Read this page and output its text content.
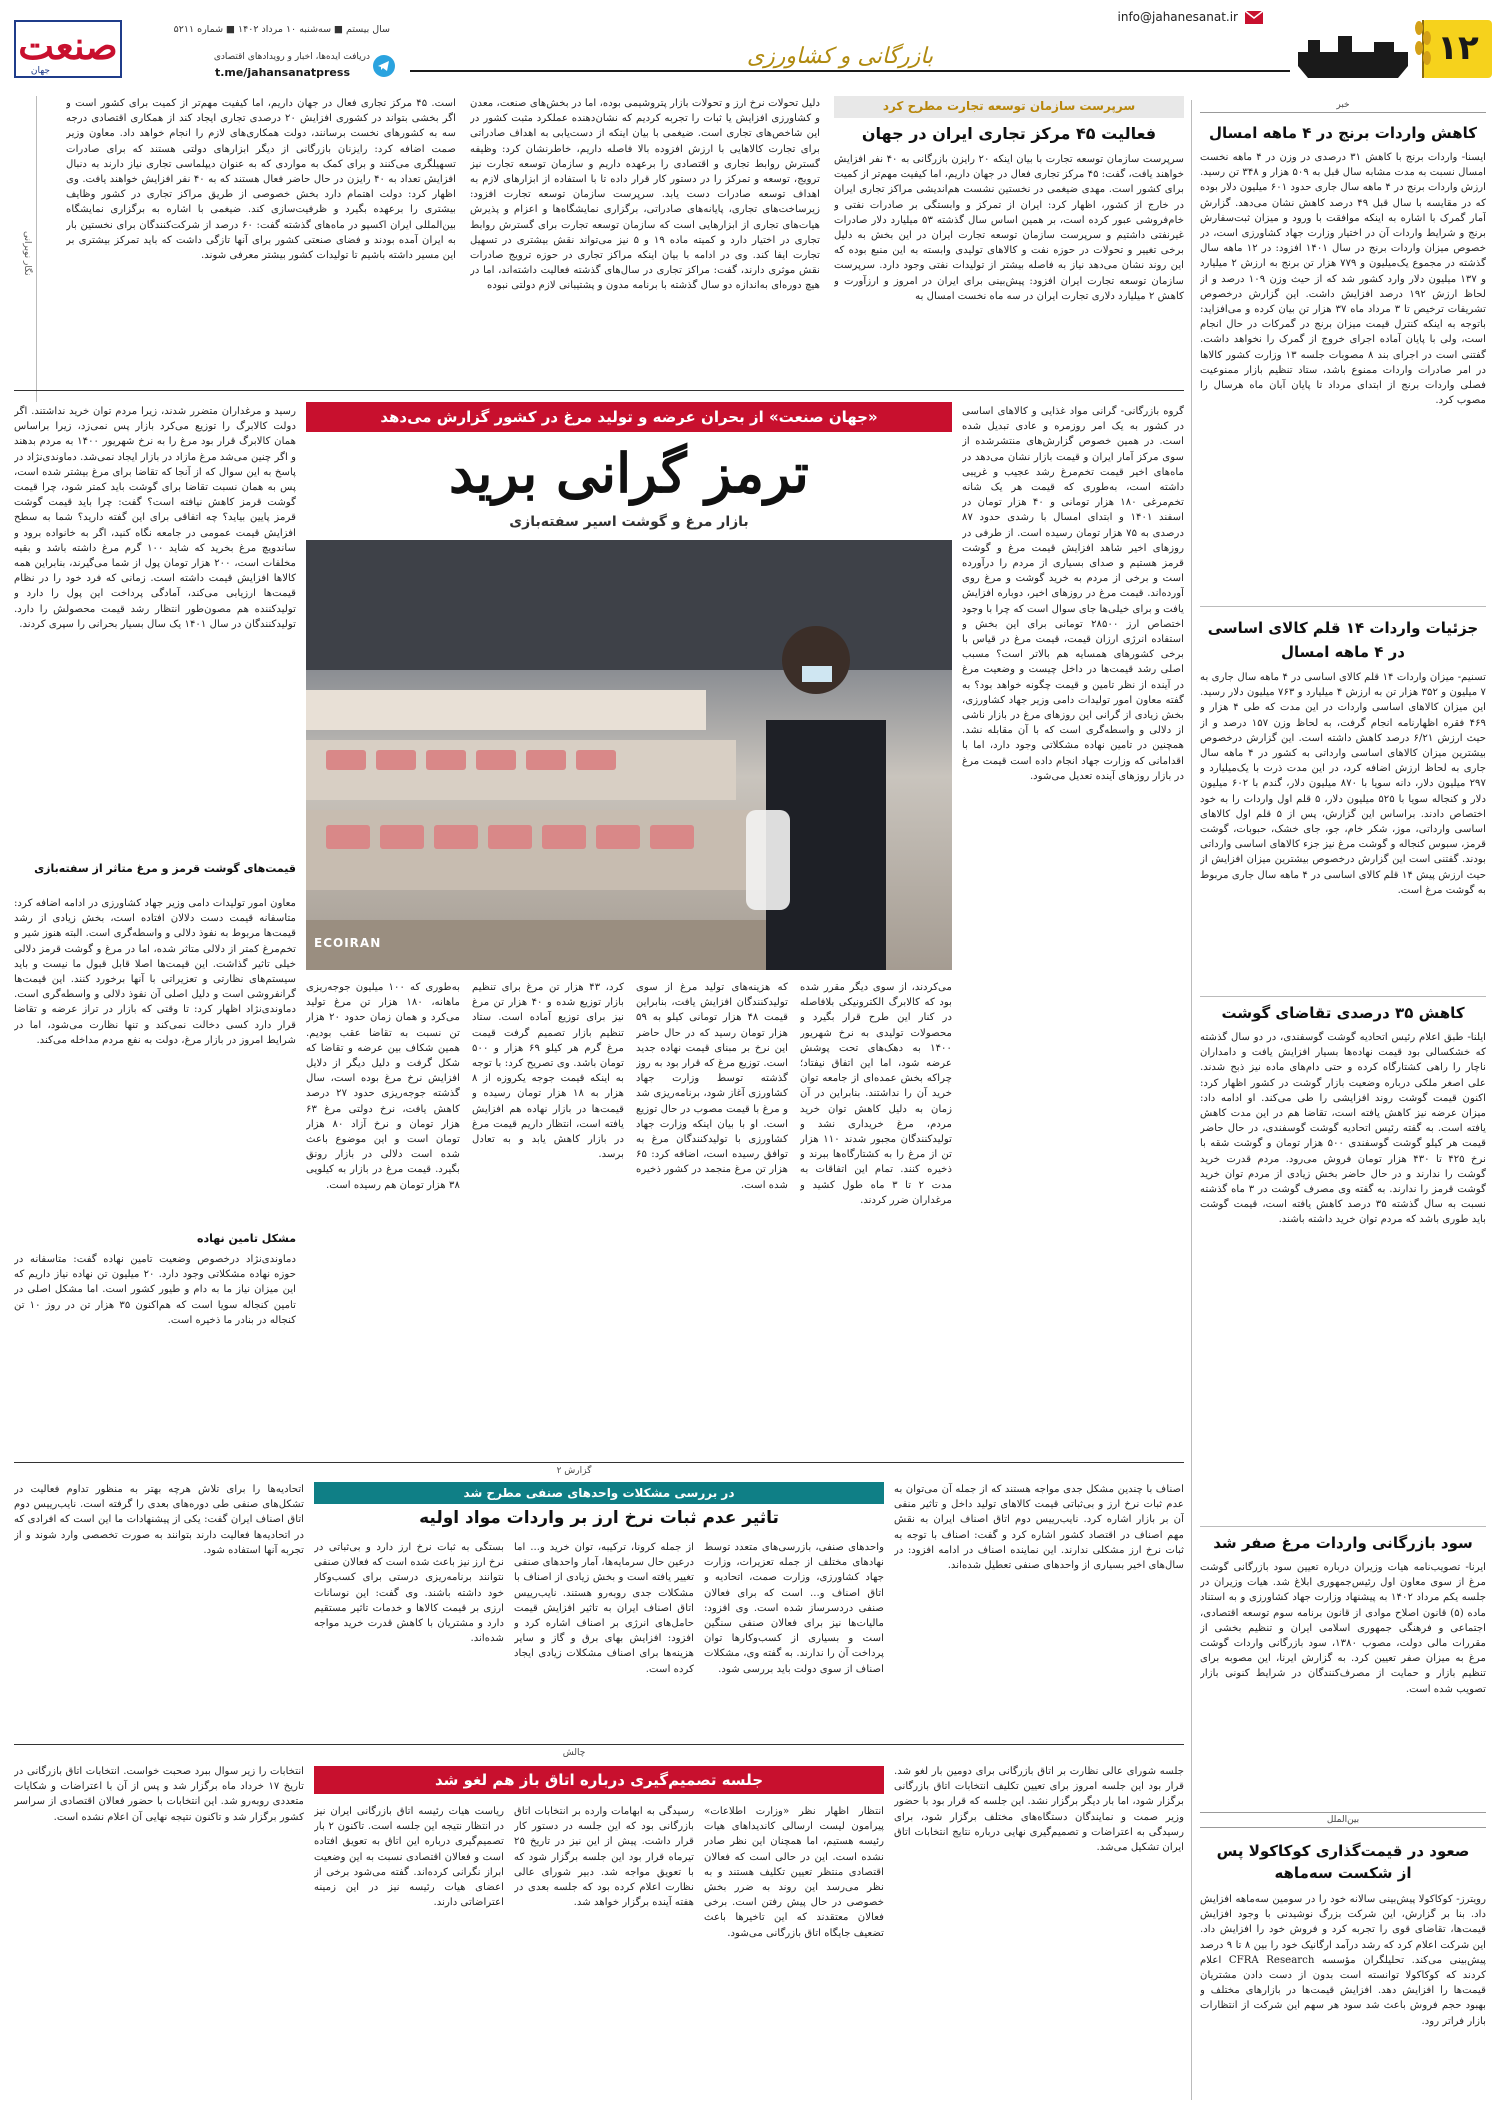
۱۲
بازرگانی و کشاورزی
info@jahanesanat.ir
صنعت
جهان
سال بیستم ■ سه‌شنبه ۱۰ مرداد ۱۴۰۲ ■ شماره ۵۲۱۱
دریافت ایده‌ها، اخبار و رویدادهای اقتصادی
t.me/jahansanatpress
خبر
کاهش واردات برنج در ۴ ماهه امسال
ایسنا- واردات برنج با کاهش ۳۱ درصدی در وزن در ۴ ماهه نخست امسال نسبت به مدت مشابه سال قبل به ۵۰۹ هزار و ۳۴۸ تن رسید. ارزش واردات برنج در ۴ ماهه سال جاری حدود ۶۰۱ میلیون دلار بوده که در مقایسه با سال قبل ۴۹ درصد کاهش نشان می‌دهد. گزارش آمار گمرک با اشاره به اینکه موافقت با ورود و میزان ثبت‌سفارش برنج و شرایط واردات آن در اختیار وزارت جهاد کشاورزی است، در خصوص میزان واردات برنج در سال ۱۴۰۱ افزود: در ۱۲ ماهه سال گذشته در مجموع یک‌میلیون و ۷۷۹ هزار تن برنج به ارزش ۲ میلیارد و ۱۳۷ میلیون دلار وارد کشور شد که از حیث وزن ۱۰۹ درصد و از لحاظ ارزش ۱۹۲ درصد افزایش داشت. این گزارش درخصوص تشریفات ترخیص تا ۳ مرداد ماه ۳۷ هزار تن بیان کرده و می‌افزاید: باتوجه به اینکه کنترل قیمت میزان برنج در گمرکات در حال انجام است، ولی با پایان آماده اجرای خروج از گمرک را نخواهد داشت. گفتنی است در اجرای بند ۸ مصوبات جلسه ۱۳ وزارت کشور کالاها در امر صادرات واردات ممنوع باشد، ستاد تنظیم بازار ممنوعیت فصلی واردات برنج از ابتدای مرداد تا پایان آبان ماه هرسال را مصوب کرد.
جزئیات واردات ۱۴ قلم کالای اساسی در ۴ ماهه امسال
تسنیم- میزان واردات ۱۴ قلم کالای اساسی در ۴ ماهه سال جاری به ۷ میلیون و ۳۵۲ هزار تن به ارزش ۴ میلیارد و ۷۶۳ میلیون دلار رسید. این میزان کالاهای اساسی واردات در این مدت که طی ۴ هزار و ۴۶۹ فقره اظهارنامه انجام گرفت، به لحاظ وزن ۱۵۷ درصد و از حیث ارزش ۶/۲۱ درصد کاهش داشته است. این گزارش درخصوص بیشترین میزان کالاهای اساسی وارداتی به کشور در ۴ ماهه سال جاری به لحاظ ارزش اضافه کرد، در این مدت ذرت با یک‌میلیارد و ۲۹۷ میلیون دلار، دانه سویا با ۸۷۰ میلیون دلار، گندم با ۶۰۲ میلیون دلار و کنجاله سویا با ۵۲۵ میلیون دلار، ۵ قلم اول واردات را به خود اختصاص دادند. براساس این گزارش، پس از ۵ قلم اول کالاهای اساسی وارداتی، موز، شکر خام، جو، جای خشک، حبوبات، گوشت قرمز، سبوس کنجاله و گوشت مرغ نیز جزء کالاهای اساسی وارداتی بودند. گفتنی است این گزارش درخصوص بیشترین میزان افزایش از حیث ارزش پیش ۱۴ قلم کالای اساسی در ۴ ماهه سال جاری مربوط به گوشت مرغ است.
کاهش ۳۵ درصدی تقاضای گوشت
ایلنا- طبق اعلام رئیس اتحادیه گوشت گوسفندی، در دو سال گذشته که خشکسالی بود قیمت نهاده‌ها بسیار افزایش یافت و دامداران ناچار را راهی کشتارگاه کرده و حتی دام‌های ماده نیز ذبح شدند. علی اصغر ملکی درباره وضعیت بازار گوشت در کشور اظهار کرد: اکنون قیمت گوشت روند افزایشی را طی می‌کند. او ادامه داد: میزان عرضه نیز کاهش یافته است، تقاضا هم در این مدت کاهش یافته است. به گفته رئیس اتحادیه گوشت گوسفندی، در حال حاضر قیمت هر کیلو گوشت گوسفندی ۵۰۰ هزار تومان و گوشت شقه با نرخ ۴۲۵ تا ۴۳۰ هزار تومان فروش می‌رود. مردم قدرت خرید گوشت را ندارند و در حال حاضر بخش زیادی از مردم توان خرید گوشت قرمز را ندارند. به گفته وی مصرف گوشت در ۳ ماه گذشته نسبت به سال گذشته ۳۵ درصد کاهش یافته است، قیمت گوشت باید طوری باشد که مردم توان خرید داشته باشند.
سود بازرگانی واردات مرغ صفر شد
ایرنا- تصویب‌نامه هیات وزیران درباره تعیین سود بازرگانی گوشت مرغ از سوی معاون اول رئیس‌جمهوری ابلاغ شد. هیات وزیران در جلسه یکم مرداد ۱۴۰۲ به پیشنهاد وزارت جهاد کشاورزی و به استناد ماده (۵) قانون اصلاح موادی از قانون برنامه سوم توسعه اقتصادی، اجتماعی و فرهنگی جمهوری اسلامی ایران و تنظیم بخشی از مقررات مالی دولت، مصوب ۱۳۸۰، سود بازرگانی واردات گوشت مرغ به میزان صفر تعیین کرد. به گزارش ایرنا، این مصوبه برای تنظیم بازار و حمایت از مصرف‌کنندگان در شرایط کنونی بازار تصویب شده است.
بین‌الملل
صعود در قیمت‌گذاری کوکاکولا پس از شکست سه‌ماهه
رویترز- کوکاکولا پیش‌بینی سالانه خود را در سومین سه‌ماهه افزایش داد. بنا بر گزارش، این شرکت بزرگ نوشیدنی با وجود افزایش قیمت‌ها، تقاضای قوی را تجربه کرد و فروش خود را افزایش داد. این شرکت اعلام کرد که رشد درآمد ارگانیک خود را بین ۸ تا ۹ درصد پیش‌بینی می‌کند. تحلیلگران مؤسسه CFRA Research اعلام کردند که کوکاکولا توانسته است بدون از دست دادن مشتریان قیمت‌ها را افزایش دهد. افزایش قیمت‌ها در بازارهای مختلف و بهبود حجم فروش باعث شد سود هر سهم این شرکت از انتظارات بازار فراتر رود.
سرپرست سازمان توسعه تجارت مطرح کرد
فعالیت ۴۵ مرکز تجاری ایران در جهان
سرپرست سازمان توسعه تجارت با بیان اینکه ۲۰ رایزن بازرگانی به ۴۰ نفر افزایش خواهند یافت، گفت: ۴۵ مرکز تجاری فعال در جهان داریم، اما کیفیت مهم‌تر از کمیت برای کشور است. مهدی ضیغمی در نخستین نشست هم‌اندیشی مراکز تجاری ایران در خارج از کشور، اظهار کرد: ایران از تمرکز و وابستگی بر صادرات نفتی و خام‌فروشی عبور کرده است، بر همین اساس سال گذشته ۵۳ میلیارد دلار صادرات غیرنفتی داشتیم و سرپرست سازمان توسعه تجارت ایران در این بخش به دلیل برخی تغییر و تحولات در حوزه نفت و کالاهای تولیدی وابسته به این منبع بوده که این روند نشان می‌دهد نیاز به فاصله بیشتر از تولیدات نفتی وجود دارد. سرپرست سازمان توسعه تجارت ایران افزود: پیش‌بینی برای ایران در امروز و ارزآورت و کاهش ۲ میلیارد دلاری تجارت ایران در سه ماه نخست امسال به
دلیل تحولات نرخ ارز و تحولات بازار پتروشیمی بوده، اما در بخش‌های صنعت، معدن و کشاورزی افزایش یا ثبات را تجربه کردیم که نشان‌دهنده عملکرد مثبت کشور در این شاخص‌های تجاری است. ضیغمی با بیان اینکه از دست‌یابی به اهداف صادراتی برای تجارت کالاهایی با ارزش افزوده بالا فاصله داریم، خاطرنشان کرد: وظیفه گسترش روابط تجاری و اقتصادی را برعهده داریم و سازمان توسعه تجارت نیز ترویج، توسعه و تمرکز را در دستور کار قرار داده تا با استفاده از ابزارهای لازم به اهداف توسعه صادرات دست یابد. سرپرست سازمان توسعه تجارت افزود: زیرساخت‌های تجاری، پایانه‌های صادراتی، برگزاری نمایشگاه‌ها و اعزام و پذیرش هیات‌های تجاری از ابزارهایی است که سازمان توسعه تجارت برای گسترش روابط تجاری در اختیار دارد و کمیته ماده ۱۹ و ۵ نیز می‌تواند نقش بیشتری در تسهیل تجارت ایفا کند. وی در ادامه با بیان اینکه مراکز تجاری در حوزه ترویج صادرات نقش موثری دارند، گفت: مراکز تجاری در سال‌های گذشته فعالیت داشته‌اند، اما در هیچ دوره‌ای به‌اندازه دو سال گذشته با برنامه مدون و پشتیبانی لازم دولتی نبوده
است. ۴۵ مرکز تجاری فعال در جهان داریم، اما کیفیت مهم‌تر از کمیت برای کشور است و اگر بخشی بتواند در کشوری افزایش ۲۰ درصدی تجاری ایجاد کند از همکاری اقتصادی درجه سه به کشورهای نخست برسانند، دولت همکاری‌های لازم را انجام خواهد داد. معاون وزیر صمت اضافه کرد: رایزنان بازرگانی از دیگر ابزارهای دولتی هستند که برای صادرات تسهیلگری می‌کنند و برای کمک به مواردی که به عنوان دیپلماسی تجاری نیاز دارند به دنبال افزایش تعداد به ۴۰ رایزن در حال حاضر فعال هستند که به ۴۰ نفر افزایش خواهند یافت. وی اظهار کرد: دولت اهتمام دارد بخش خصوصی از طریق مراکز تجاری در کشور وظایف بیشتری را برعهده بگیرد و ظرفیت‌سازی کند. ضیغمی با اشاره به برگزاری نمایشگاه بین‌المللی ایران اکسپو در ماه‌های گذشته گفت: ۶۰ درصد از شرکت‌کنندگان برای نخستین بار به ایران آمده بودند و فضای صنعتی کشور برای آنها تازگی داشت که باید تمرکز بیشتری بر این مسیر داشته باشیم تا تولیدات کشور بیشتر معرفی شوند.
نگار نوبرانی
«جهان صنعت» از بحران عرضه و تولید مرغ در کشور گزارش می‌دهد
ترمز گرانی برید
بازار مرغ و گوشت اسیر سفته‌بازی
ECOIRAN
گروه بازرگانی- گرانی مواد غذایی و کالاهای اساسی در کشور به یک امر روزمره و عادی تبدیل شده است. در همین خصوص گزارش‌های منتشرشده از سوی مرکز آمار ایران و قیمت بازار نشان می‌دهد در ماه‌های اخیر قیمت تخم‌مرغ رشد عجیب و غریبی داشته است، به‌طوری که قیمت هر یک شانه تخم‌مرغی ۱۸۰ هزار تومانی و ۴۰ هزار تومان در اسفند ۱۴۰۱ و ابتدای امسال با رشدی حدود ۸۷ درصدی به ۷۵ هزار تومان رسیده است. از طرفی در روزهای اخیر شاهد افزایش قیمت مرغ و گوشت قرمز هستیم و صدای بسیاری از مردم را درآورده است و برخی از مردم به خرید گوشت و مرغ روی آورده‌اند. قیمت مرغ در روزهای اخیر، دوباره افزایش یافت و برای خیلی‌ها جای سوال است که چرا با وجود اختصاص ارز ۲۸۵۰۰ تومانی برای این بخش و استفاده انرژی ارزان قیمت، قیمت مرغ در قیاس با برخی کشورهای همسایه هم بالاتر است؟ مسبب اصلی رشد قیمت‌ها در داخل چیست و وضعیت مرغ در آینده از نظر تامین و قیمت چگونه خواهد بود؟ به گفته معاون امور تولیدات دامی وزیر جهاد کشاورزی، بخش زیادی از گرانی این روزهای مرغ در بازار ناشی از دلالی و واسطه‌گری است که با آن مقابله نشد. همچنین در تامین نهاده مشکلاتی وجود دارد، اما با اقدامانی که وزارت جهاد انجام داده است قیمت مرغ در بازار روزهای آینده تعدیل می‌شود.
رسید و مرغداران متضرر شدند، زیرا مردم توان خرید نداشتند. اگر دولت کالابرگ را توزیع می‌کرد بازار پس نمی‌زد، زیرا براساس همان کالابرگ قرار بود مرغ را به نرخ شهریور ۱۴۰۰ به مردم بدهند و اگر چنین می‌شد مرغ مازاد در بازار ایجاد نمی‌شد. دماوندی‌نژاد در پاسخ به این سوال که از آنجا که تقاضا برای مرغ بیشتر شده است، پس به همان نسبت تقاضا برای گوشت باید کمتر شود، چرا قیمت گوشت قرمز کاهش نیافته است؟ گفت: چرا باید قیمت گوشت قرمز پایین بیاید؟ چه اتفاقی برای این گفته دارید؟ شما به سطح افزایش قیمت عمومی در جامعه نگاه کنید، اگر به خانواده برود و ساندویچ مرغ بخرید که شاید ۱۰۰ گرم مرغ داشته باشد و بقیه مخلفات است، ۲۰۰ هزار تومان پول از شما می‌گیرند، بنابراین همه کالاها افزایش قیمت داشته است. زمانی که فرد خود را در نظام قیمت‌ها ارزیابی می‌کند، آمادگی پرداخت این پول را دارد و تولیدکننده هم مصون‌طور انتظار رشد قیمت محصولش را دارد. تولیدکنندگان در سال ۱۴۰۱ یک سال بسیار بحرانی را سپری کردند.
قیمت‌های گوشت قرمز و مرغ متاثر از سفته‌بازی
معاون امور تولیدات دامی وزیر جهاد کشاورزی در ادامه اضافه کرد: متاسفانه قیمت دست دلالان افتاده است، بخش زیادی از رشد قیمت‌ها مربوط به نفوذ دلالی و واسطه‌گری است. البته هنوز شیر و تخم‌مرغ کمتر از دلالی متاثر شده، اما در مرغ و گوشت قرمز دلالی خیلی تاثیر گذاشت. این قیمت‌ها اصلا قابل قبول ما نیست و باید سیستم‌های نظارتی و تعزیراتی با آنها برخورد کنند. این قیمت‌ها گرانفروشی است و دلیل اصلی آن نفوذ دلالی و واسطه‌گری است. دماوندی‌نژاد اظهار کرد: تا وقتی که بازار در تراز عرضه و تقاضا قرار دارد کسی دخالت نمی‌کند و تنها نظارت می‌شود، اما در شرایط امروز در بازار مرغ، دولت به نفع مردم مداخله می‌کند.
مشکل تامین نهاده
دماوندی‌نژاد درخصوص وضعیت تامین نهاده گفت: متاسفانه در حوزه نهاده مشکلاتی وجود دارد. ۲۰ میلیون تن نهاده نیاز داریم که این میزان نیاز ما به دام و طیور کشور است. اما مشکل اصلی در تامین کنجاله سویا است که هم‌اکنون ۳۵ هزار تن در روز ۱۰ تن کنجاله در بنادر ما ذخیره است.
می‌کردند، از سوی دیگر مقرر شده بود که کالابرگ الکترونیکی بلافاصله در کنار این طرح قرار بگیرد و محصولات تولیدی به نرخ شهریور ۱۴۰۰ به دهک‌های تحت پوشش عرضه شود، اما این اتفاق نیفتاد؛ چراکه بخش عمده‌ای از جامعه توان خرید آن را نداشتند. بنابراین در آن زمان به دلیل کاهش توان خرید مردم، مرغ خریداری نشد و تولیدکنندگان مجبور شدند ۱۱۰ هزار تن از مرغ را به کشتارگاه‌ها ببرند و ذخیره کنند. تمام این اتفاقات به مدت ۲ تا ۳ ماه طول کشید و مرغداران ضرر کردند.
که هزینه‌های تولید مرغ از سوی تولیدکنندگان افزایش یافت، بنابراین قیمت ۴۸ هزار تومانی کیلو به ۵۹ هزار تومان رسید که در حال حاضر این نرخ بر مبنای قیمت نهاده جدید است. توزیع مرغ که قرار بود به روز گذشته توسط وزارت جهاد کشاورزی آغاز شود، برنامه‌ریزی شد و مرغ با قیمت مصوب در حال توزیع است. او با بیان اینکه وزارت جهاد کشاورزی با تولیدکنندگان مرغ به توافق رسیده است، اضافه کرد: ۶۵ هزار تن مرغ منجمد در کشور ذخیره شده است.
کرد، ۴۳ هزار تن مرغ برای تنظیم بازار توزیع شده و ۴۰ هزار تن مرغ نیز برای توزیع آماده است. ستاد تنظیم بازار تصمیم گرفت قیمت مرغ گرم هر کیلو ۶۹ هزار و ۵۰۰ تومان باشد. وی تصریح کرد: با توجه به اینکه قیمت جوجه یکروزه از ۸ هزار به ۱۸ هزار تومان رسیده و قیمت‌ها در بازار نهاده هم افزایش یافته است، انتظار داریم قیمت مرغ در بازار کاهش یابد و به تعادل برسد.
به‌طوری که ۱۰۰ میلیون جوجه‌ریزی ماهانه، ۱۸۰ هزار تن مرغ تولید می‌کرد و همان زمان حدود ۲۰ هزار تن نسبت به تقاضا عقب بودیم. همین شکاف بین عرضه و تقاضا که شکل گرفت و دلیل دیگر از دلایل افزایش نرخ مرغ بوده است، سال گذشته جوجه‌ریزی حدود ۲۷ درصد کاهش یافت، نرخ دولتی مرغ ۶۳ هزار تومان و نرخ آزاد ۸۰ هزار تومان است و این موضوع باعث شده است دلالی در بازار رونق بگیرد. قیمت مرغ در بازار به کیلویی ۳۸ هزار تومان هم رسیده است.
گزارش ۲
در بررسی مشکلات واحدهای صنفی مطرح شد
تاثیر عدم ثبات نرخ ارز بر واردات مواد اولیه
اصناف با چندین مشکل جدی مواجه هستند که از جمله آن می‌توان به عدم ثبات نرخ ارز و بی‌ثباتی قیمت کالاهای تولید داخل و تاثیر منفی آن بر بازار اشاره کرد. نایب‌رییس دوم اتاق اصناف ایران به نقش مهم اصناف در اقتصاد کشور اشاره کرد و گفت: اصناف با توجه به ثبات نرخ ارز مشکلی ندارند. این نماینده اصناف در ادامه افزود: در سال‌های اخیر بسیاری از واحدهای صنفی تعطیل شده‌اند.
واحدهای صنفی، بازرسی‌های متعدد توسط نهادهای مختلف از جمله تعزیرات، وزارت جهاد کشاورزی، وزارت صمت، اتحادیه و اتاق اصناف و... است که برای فعالان صنفی دردسرساز شده است. وی افزود: مالیات‌ها نیز برای فعالان صنفی سنگین است و بسیاری از کسب‌وکارها توان پرداخت آن را ندارند. به گفته وی، مشکلات اصناف از سوی دولت باید بررسی شود.
از جمله کرونا، ترکیبه، توان خرید و... اما درعین حال سرمایه‌ها، آمار واحدهای صنفی تغییر یافته است و بخش زیادی از اصناف با مشکلات جدی روبه‌رو هستند. نایب‌رییس اتاق اصناف ایران به تاثیر افزایش قیمت حامل‌های انرژی بر اصناف اشاره کرد و افزود: افزایش بهای برق و گاز و سایر هزینه‌ها برای اصناف مشکلات زیادی ایجاد کرده است.
بستگی به ثبات نرخ ارز دارد و بی‌ثباتی در نرخ ارز نیز باعث شده است که فعالان صنفی نتوانند برنامه‌ریزی درستی برای کسب‌وکار خود داشته باشند. وی گفت: این نوسانات ارزی بر قیمت کالاها و خدمات تاثیر مستقیم دارد و مشتریان با کاهش قدرت خرید مواجه شده‌اند.
اتحادیه‌ها را برای تلاش هرچه بهتر به منظور تداوم فعالیت در تشکل‌های صنفی طی دوره‌های بعدی را گرفته است. نایب‌رییس دوم اتاق اصناف ایران گفت: یکی از پیشنهادات ما این است که افرادی که در اتحادیه‌ها فعالیت دارند بتوانند به صورت تخصصی وارد شوند و از تجربه آنها استفاده شود.
چالش
جلسه تصمیم‌گیری درباره اتاق باز هم لغو شد	جلسه شورای عالی نظارت بر اتاق بازرگانی برای دومین بار لغو شد. قرار بود این جلسه امروز برای تعیین تکلیف انتخابات اتاق بازرگانی برگزار شود، اما بار دیگر برگزار نشد. این جلسه که قرار بود با حضور وزیر صمت و نمایندگان دستگاه‌های مختلف برگزار شود، برای رسیدگی به اعتراضات و تصمیم‌گیری نهایی درباره نتایج انتخابات اتاق ایران تشکیل می‌شد.
انتظار اظهار نظر «وزارت اطلاعات» پیرامون لیست ارسالی کاندیداهای هیات رئیسه هستیم، اما همچنان این نظر صادر نشده است. این در حالی است که فعالان اقتصادی منتظر تعیین تکلیف هستند و به نظر می‌رسد این روند به ضرر بخش خصوصی در حال پیش رفتن است. برخی فعالان معتقدند که این تاخیرها باعث تضعیف جایگاه اتاق بازرگانی می‌شود.
رسیدگی به ابهامات وارده بر انتخابات اتاق بازرگانی بود که این جلسه در دستور کار قرار داشت. پیش از این نیز در تاریخ ۲۵ تیرماه قرار بود این جلسه برگزار شود که با تعویق مواجه شد. دبیر شورای عالی نظارت اعلام کرده بود که جلسه بعدی در هفته آینده برگزار خواهد شد.
ریاست هیات رئیسه اتاق بازرگانی ایران نیز در انتظار نتیجه این جلسه است. تاکنون ۲ بار تصمیم‌گیری درباره این اتاق به تعویق افتاده است و فعالان اقتصادی نسبت به این وضعیت ابراز نگرانی کرده‌اند. گفته می‌شود برخی از اعضای هیات رئیسه نیز در این زمینه اعتراضاتی دارند.
انتخابات را زیر سوال ببرد صحبت خواست. انتخابات اتاق بازرگانی در تاریخ ۱۷ خرداد ماه برگزار شد و پس از آن با اعتراضات و شکایات متعددی روبه‌رو شد. این انتخابات با حضور فعالان اقتصادی از سراسر کشور برگزار شد و تاکنون نتیجه نهایی آن اعلام نشده است.
